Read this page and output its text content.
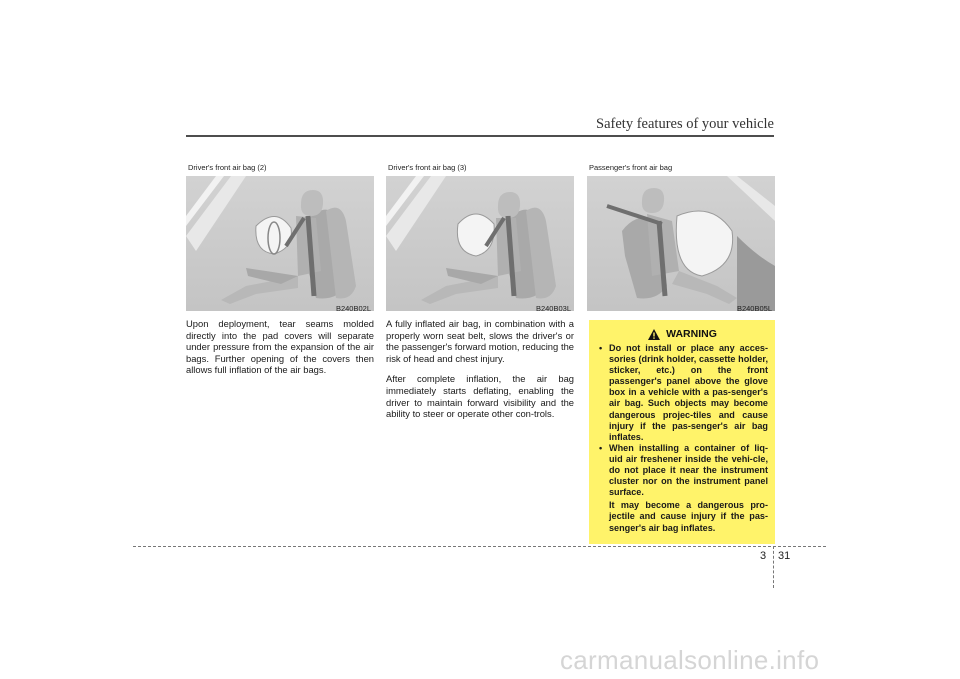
Safety features of your vehicle
Driver's front air bag (2)
B240B02L
Driver's front air bag (3)
B240B03L
Passenger's front air bag
B240B05L

Upon deployment, tear seams molded directly into the pad covers will separate under pressure from the expansion of the air bags. Further opening of the covers then allows full inflation of the air bags.

A fully inflated air bag, in combination with a properly worn seat belt, slows the driver's or the passenger's forward motion, reducing the risk of head and chest injury.

After complete inflation, the air bag immediately starts deflating, enabling the driver to maintain forward visibility and the ability to steer or operate other con-trols.

WARNING
• Do not install or place any acces-sories (drink holder, cassette holder, sticker, etc.) on the front passenger's panel above the glove box in a vehicle with a pas-senger's air bag. Such objects may become dangerous projec-tiles and cause injury if the pas-senger's air bag inflates.
• When installing a container of liq-uid air freshener inside the vehi-cle, do not place it near the instrument cluster nor on the instrument panel surface.
It may become a dangerous pro-jectile and cause injury if the pas-senger's air bag inflates.
3 31
carmanualsonline.info
